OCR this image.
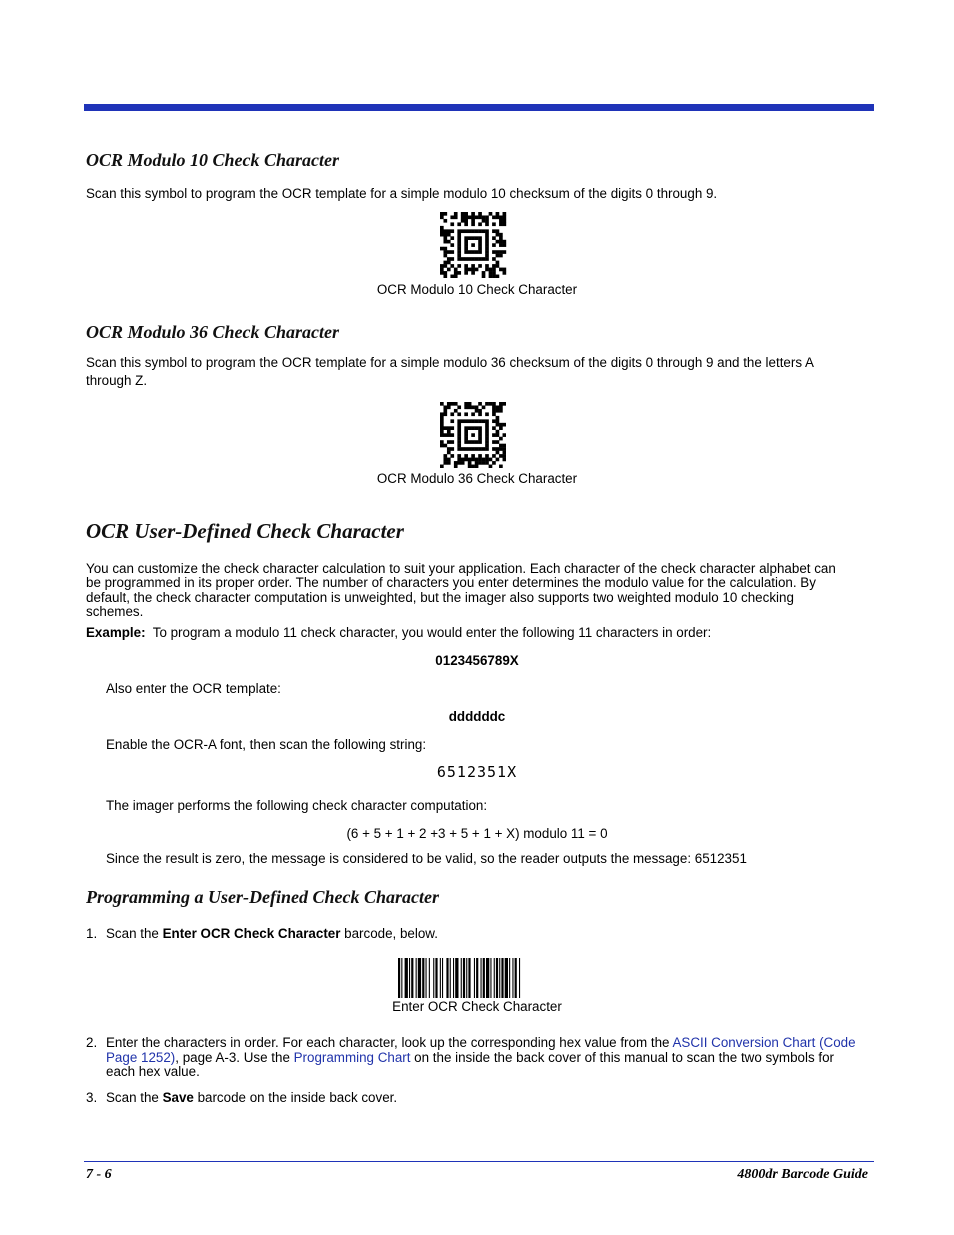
OCR Modulo 10 Check Character
Scan this symbol to program the OCR template for a simple modulo 10 checksum of the digits 0 through 9.
OCR Modulo 10 Check Character
OCR Modulo 36 Check Character
Scan this symbol to program the OCR template for a simple modulo 36 checksum of the digits 0 through 9 and the letters A
through Z.
OCR Modulo 36 Check Character
OCR User-Defined Check Character
You can customize the check character calculation to suit your application. Each character of the check character alphabet can
be programmed in its proper order. The number of characters you enter determines the modulo value for the calculation. By
default, the check character computation is unweighted, but the imager also supports two weighted modulo 10 checking
schemes.
Example: To program a modulo 11 check character, you would enter the following 11 characters in order:
0123456789X
Also enter the OCR template:
ddddddc
Enable the OCR-A font, then scan the following string:
6512351X
The imager performs the following check character computation:
(6 + 5 + 1 + 2 +3 + 5 + 1 + X) modulo 11 = 0
Since the result is zero, the message is considered to be valid, so the reader outputs the message: 6512351
Programming a User-Defined Check Character
1. Scan the Enter OCR Check Character barcode, below.
Enter OCR Check Character
2. Enter the characters in order. For each character, look up the corresponding hex value from the ASCII Conversion Chart (Code Page 1252), page A-3. Use the Programming Chart on the inside the back cover of this manual to scan the two symbols for each hex value.
3. Scan the Save barcode on the inside back cover.
7 - 6	4800dr Barcode Guide
